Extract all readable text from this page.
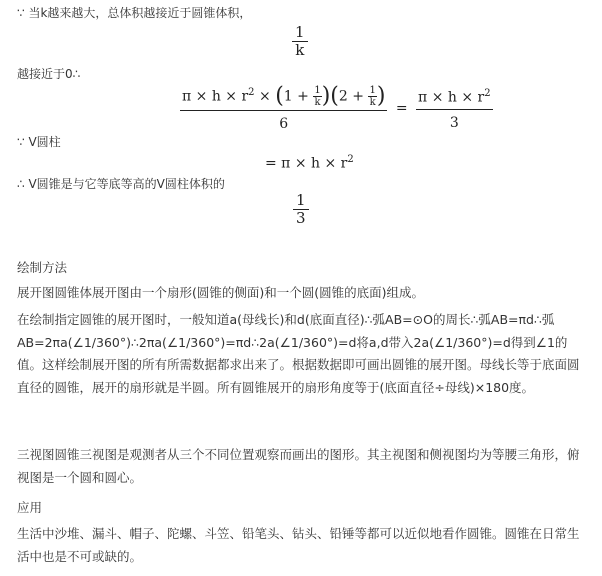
∵ 当k越来越大，总体积越接近于圆锥体积，
$\frac{1}{k}$
越接近于0∴
$\frac{\pi \times h \times r^2 \times (1 + \frac{1}{k} )(2 + \frac{1}{k} )}{6} = \frac{\pi \times h \times r^2}{3}$
∵ V圆柱
= $\pi \times h \times r^2$
∴ V圆锥是与它等底等高的V圆柱体积的
$\frac{1}{3}$
绘制方法
展开图圆锥体展开图由一个扇形(圆锥的侧面)和一个圆(圆锥的底面)组成。
在绘制指定圆锥的展开图时，一般知道a(母线长)和d(底面直径)∴弧AB=⊙O的周长∴弧AB=πd∴弧AB=2πa(∠1/360°)∴2πa(∠1/360°)=πd∴2a(∠1/360°)=d将a,d带入2a(∠1/360°)=d得到∠1的值。这样绘制展开图的所有所需数据都求出来了。根据数据即可画出圆锥的展开图。母线长等于底面圆直径的圆锥，展开的扇形就是半圆。所有圆锥展开的扇形角度等于(底面直径÷母线)×180度。
三视图圆锥三视图是观测者从三个不同位置观察而画出的图形。其主视图和侧视图均为等腰三角形，俯视图是一个圆和圆心。
应用
生活中沙堆、漏斗、帽子、陀螺、斗笠、铅笔头、钻头、铅锤等都可以近似地看作圆锥。圆锥在日常生活中也是不可或缺的。
